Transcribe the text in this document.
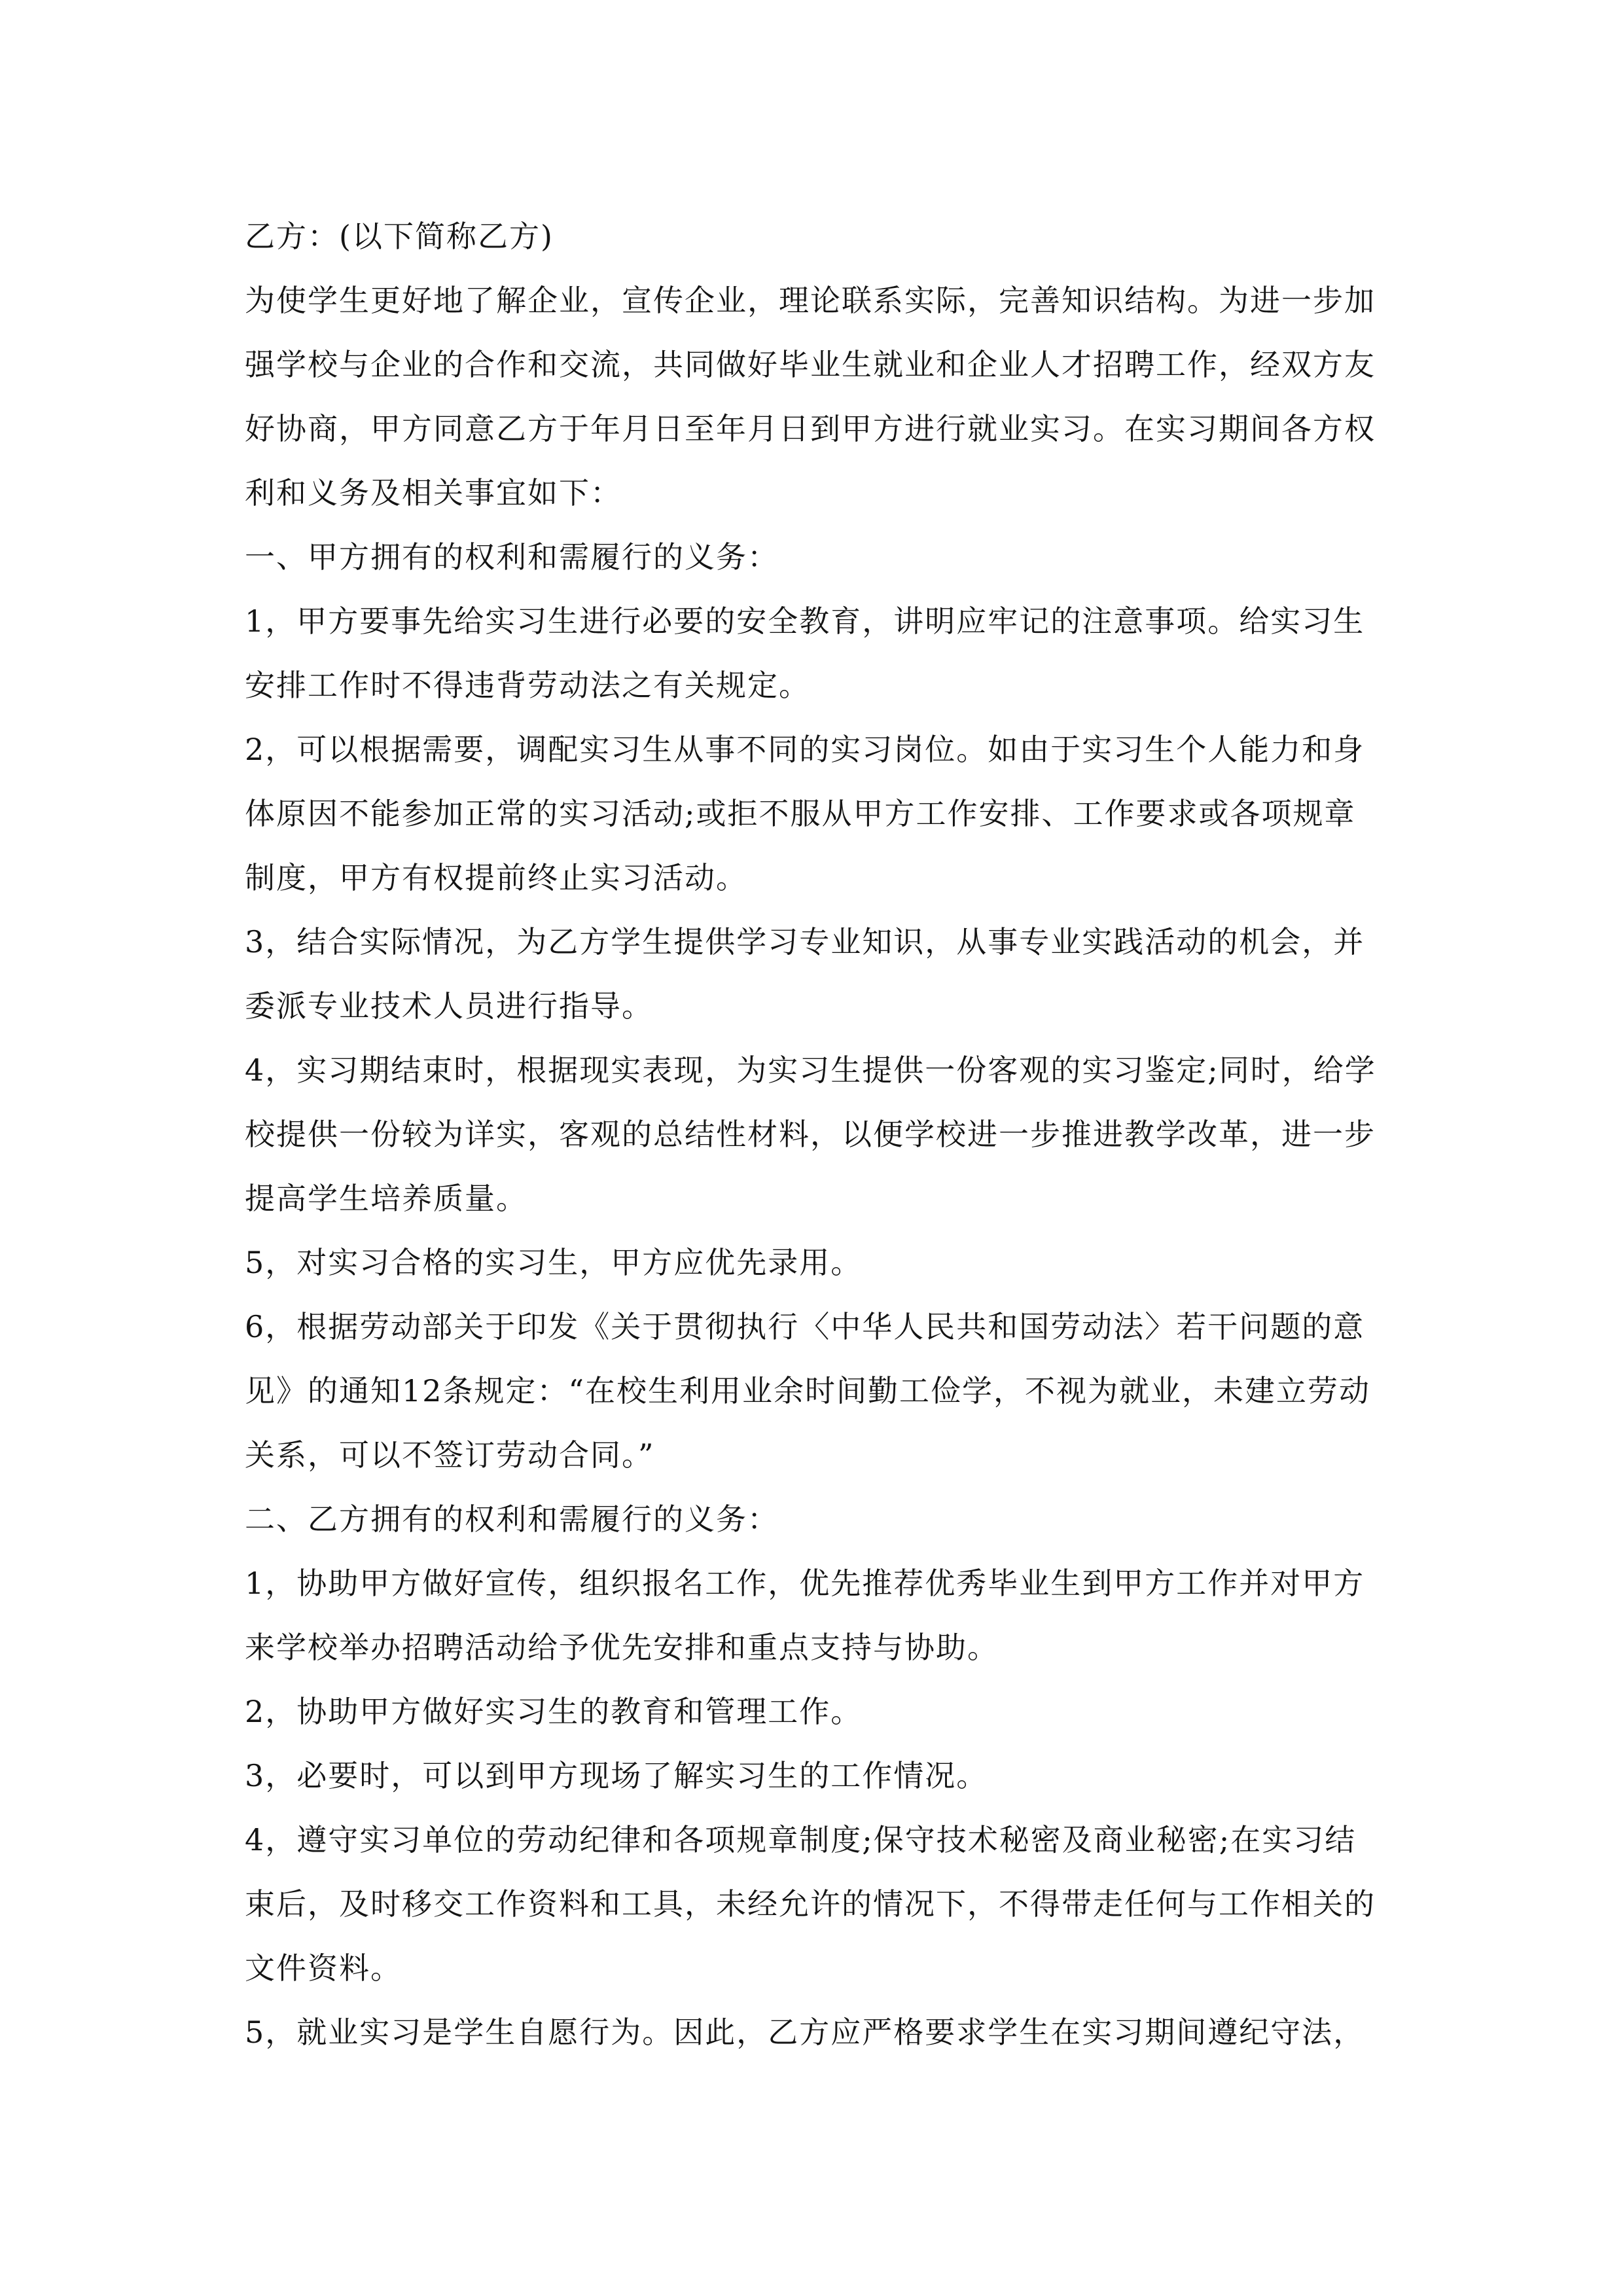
乙方：(以下简称乙方)

为使学生更好地了解企业，宣传企业，理论联系实际，完善知识结构。为进一步加强学校与企业的合作和交流，共同做好毕业生就业和企业人才招聘工作，经双方友好协商，甲方同意乙方于年月日至年月日到甲方进行就业实习。在实习期间各方权利和义务及相关事宜如下：

一、甲方拥有的权利和需履行的义务：

1，甲方要事先给实习生进行必要的安全教育，讲明应牢记的注意事项。给实习生安排工作时不得违背劳动法之有关规定。

2，可以根据需要，调配实习生从事不同的实习岗位。如由于实习生个人能力和身体原因不能参加正常的实习活动;或拒不服从甲方工作安排、工作要求或各项规章制度，甲方有权提前终止实习活动。

3，结合实际情况，为乙方学生提供学习专业知识，从事专业实践活动的机会，并委派专业技术人员进行指导。

4，实习期结束时，根据现实表现，为实习生提供一份客观的实习鉴定;同时，给学校提供一份较为详实，客观的总结性材料，以便学校进一步推进教学改革，进一步提高学生培养质量。

5，对实习合格的实习生，甲方应优先录用。

6，根据劳动部关于印发《关于贯彻执行〈中华人民共和国劳动法〉若干问题的意见》的通知12条规定：“在校生利用业余时间勤工俭学，不视为就业，未建立劳动关系，可以不签订劳动合同。”

二、乙方拥有的权利和需履行的义务：

1，协助甲方做好宣传，组织报名工作，优先推荐优秀毕业生到甲方工作并对甲方来学校举办招聘活动给予优先安排和重点支持与协助。

2，协助甲方做好实习生的教育和管理工作。

3，必要时，可以到甲方现场了解实习生的工作情况。

4，遵守实习单位的劳动纪律和各项规章制度;保守技术秘密及商业秘密;在实习结束后，及时移交工作资料和工具，未经允许的情况下，不得带走任何与工作相关的文件资料。

5，就业实习是学生自愿行为。因此，乙方应严格要求学生在实习期间遵纪守法，
